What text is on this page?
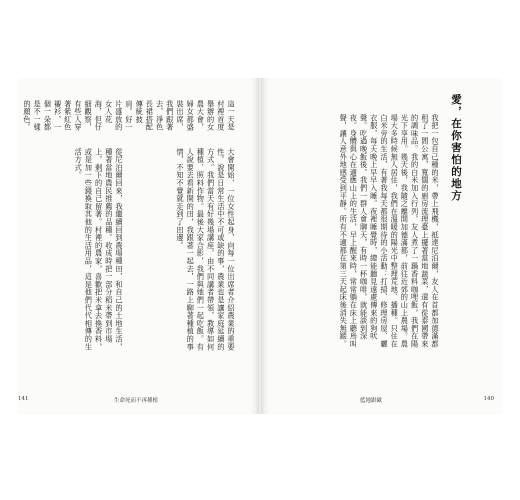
這一天是村裡首度舉辦的女農大會，婦女都盛裝出席，我們跟著去，淨色長裙搭配傳統披肩。好一片盛放的女人花海，但仔細觀察，有些人穿著紫紅色襯衫，一個一朵都是不一樣的顏色。
大會開始，一位女性起身，向每一位出席者介紹農業的重要性。說是日常生活中不可或缺的事，農業也是讓家庭延續的方式。我們當天有好幾場講座，由不同講者帶領，教導如何種植、照料作物。最後大家合影，我們與她們一起吃飯。有人說要去看新開的田，我跟著一起去，一路上聊著種植的事情，不知不覺就走到了田邊。
從尼泊爾回來，我繼續回到農場種田，和自己的土地生活，種著當地農民推薦的品種。收成時把一部分稻米帶到市場上，剩下的自己留著。村裡的農家，喜歡把米拿去換香料，或是加一些錢換取其他的生活用品，這是他們代代相傳的生活方式。
141	生命死而不再種植
愛，在你害怕的地方
我把一包自己種的米，帶上飛機，抵達尼泊爾，友人在首都加德滿都租了一間公寓，寬闊的廚房流理臺上擺著當地蔬菜，還有從泰國帶來的調味品。我的白米加入行列，友人煮了一鍋香料咖哩飯，我們在陽光下享用。幾天後，我隨之離開加德滿都，前往近郊的山上農場。農場大多時候無人居住，我們在溫暖的陽光中整理荒地、播種。只住在白米旁的生活，有著我每天都很期待的小活動：打掃、修理房屋、曬衣服，每天晚上早早入睡。夜裡睡覺時，總能聽見遠處傳來的狗吠聲。吃過晚飯後，我們一群人會聊天，有時一杯咖啡，就能談到深夜。身體與心在適應山上的生活，早上醒來時，常常躺在床上聽鳥叫聲，讓人意外地感受到平靜。所有不適都在第三天起床後消失無蹤。
藍地跟歐	140
